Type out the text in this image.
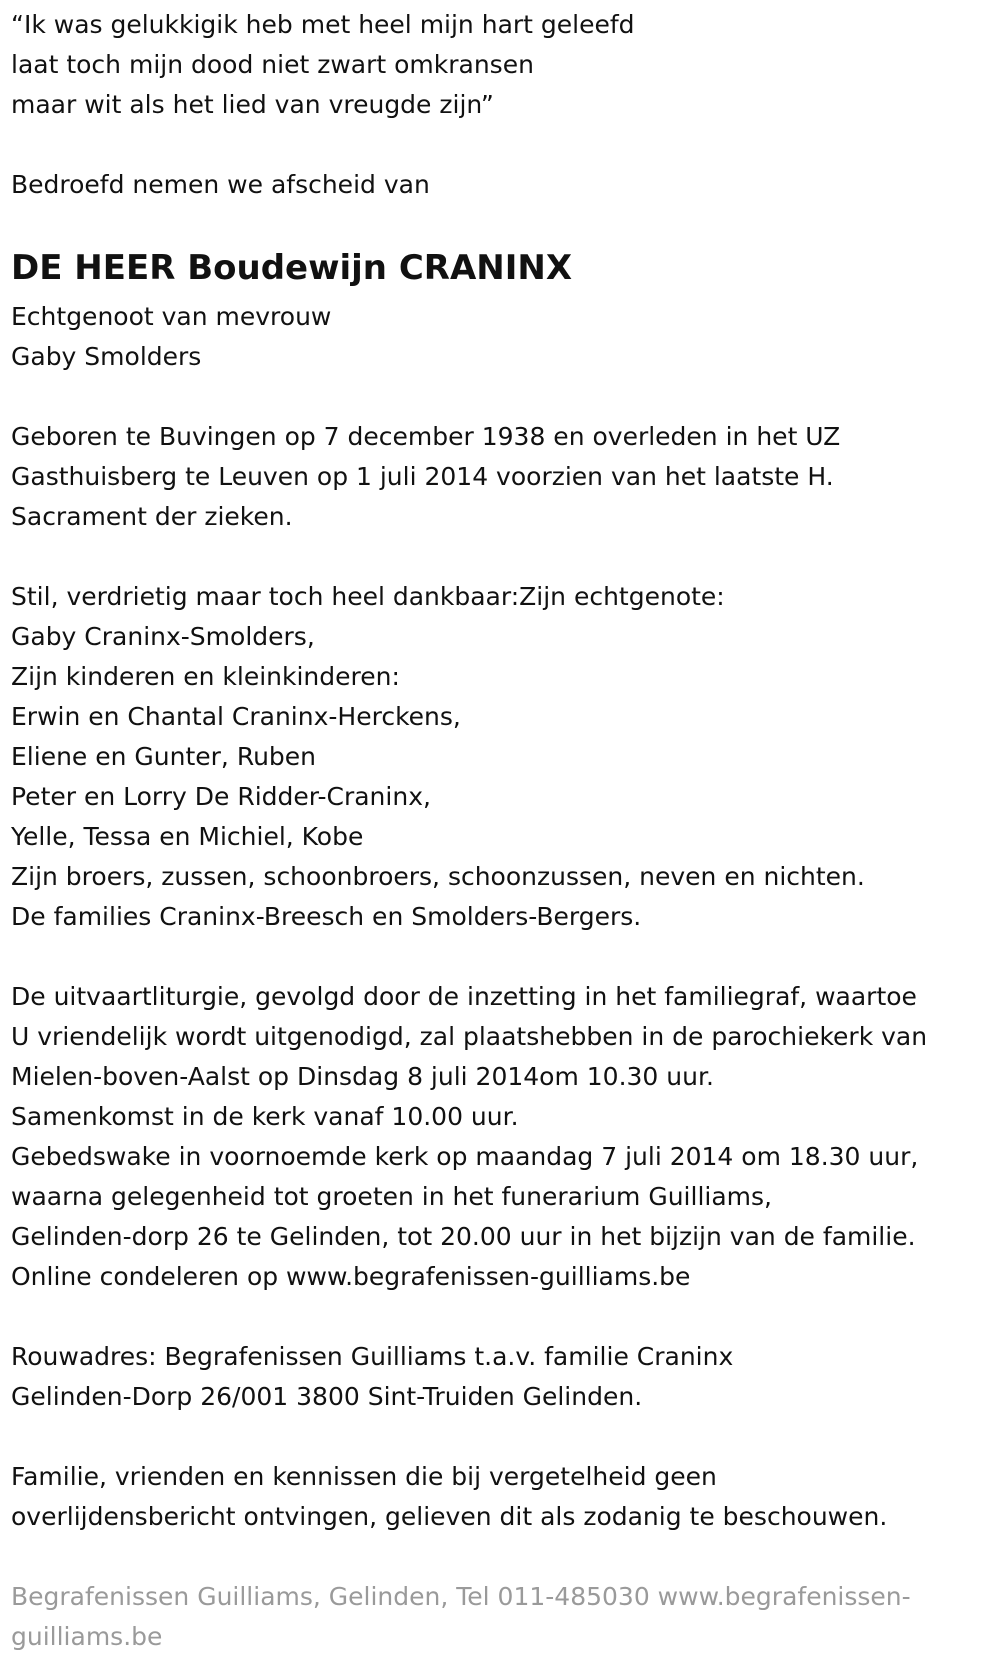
“Ik was gelukkigik heb met heel mijn hart geleefd

laat toch mijn dood niet zwart omkransen

maar wit als het lied van vreugde zijn”

Bedroefd nemen we afscheid van

DE HEER Boudewijn CRANINX

Echtgenoot van mevrouw

Gaby Smolders

Geboren te Buvingen op 7 december 1938 en overleden in het UZ

Gasthuisberg te Leuven op 1 juli 2014 voorzien van het laatste H.

Sacrament der zieken.

Stil, verdrietig maar toch heel dankbaar:Zijn echtgenote:

Gaby Craninx-Smolders,

Zijn kinderen en kleinkinderen:

Erwin en Chantal Craninx-Herckens,

Eliene en Gunter, Ruben

Peter en Lorry De Ridder-Craninx,

Yelle, Tessa en Michiel, Kobe

Zijn broers, zussen, schoonbroers, schoonzussen, neven en nichten.

De families Craninx-Breesch en Smolders-Bergers.

De uitvaartliturgie, gevolgd door de inzetting in het familiegraf, waartoe

U vriendelijk wordt uitgenodigd, zal plaatshebben in de parochiekerk van

Mielen-boven-Aalst op Dinsdag 8 juli 2014om 10.30 uur.

Samenkomst in de kerk vanaf 10.00 uur.

Gebedswake in voornoemde kerk op maandag 7 juli 2014 om 18.30 uur,

waarna gelegenheid tot groeten in het funerarium Guilliams,

Gelinden-dorp 26 te Gelinden, tot 20.00 uur in het bijzijn van de familie.

Online condeleren op www.begrafenissen-guilliams.be

Rouwadres: Begrafenissen Guilliams t.a.v. familie Craninx

Gelinden-Dorp 26/001 3800 Sint-Truiden Gelinden.

Familie, vrienden en kennissen die bij vergetelheid geen

overlijdensbericht ontvingen, gelieven dit als zodanig te beschouwen.

Begrafenissen Guilliams, Gelinden, Tel 011-485030 www.begrafenissen-

guilliams.be
